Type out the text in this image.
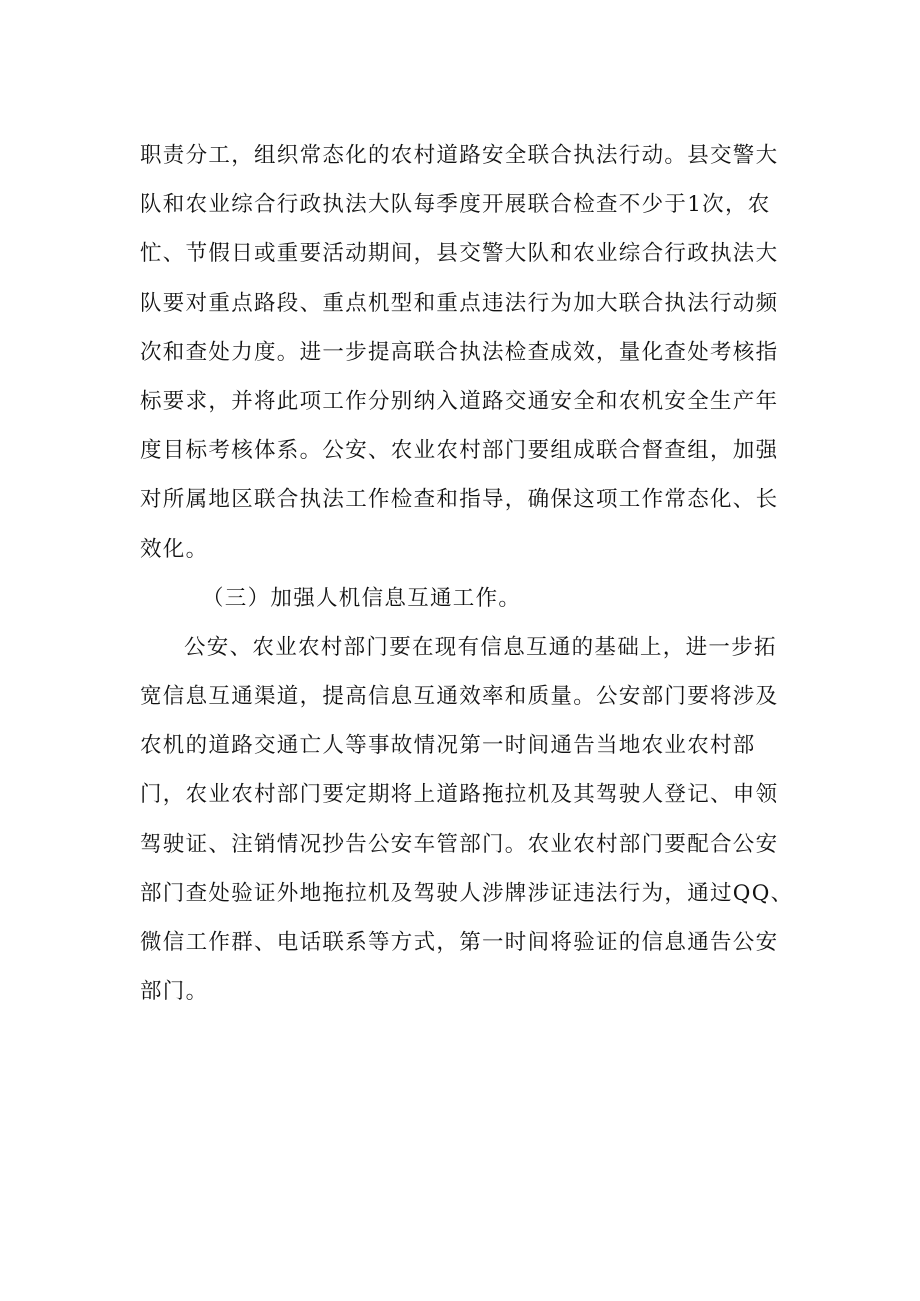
职责分工，组织常态化的农村道路安全联合执法行动。县交警大
队和农业综合行政执法大队每季度开展联合检查不少于1次，农
忙、节假日或重要活动期间，县交警大队和农业综合行政执法大
队要对重点路段、重点机型和重点违法行为加大联合执法行动频
次和查处力度。进一步提高联合执法检查成效，量化查处考核指
标要求，并将此项工作分别纳入道路交通安全和农机安全生产年
度目标考核体系。公安、农业农村部门要组成联合督查组，加强
对所属地区联合执法工作检查和指导，确保这项工作常态化、长
效化。
（三）加强人机信息互通工作。
公安、农业农村部门要在现有信息互通的基础上，进一步拓
宽信息互通渠道，提高信息互通效率和质量。公安部门要将涉及
农机的道路交通亡人等事故情况第一时间通告当地农业农村部
门，农业农村部门要定期将上道路拖拉机及其驾驶人登记、申领
驾驶证、注销情况抄告公安车管部门。农业农村部门要配合公安
部门查处验证外地拖拉机及驾驶人涉牌涉证违法行为，通过QQ、
微信工作群、电话联系等方式，第一时间将验证的信息通告公安
部门。
